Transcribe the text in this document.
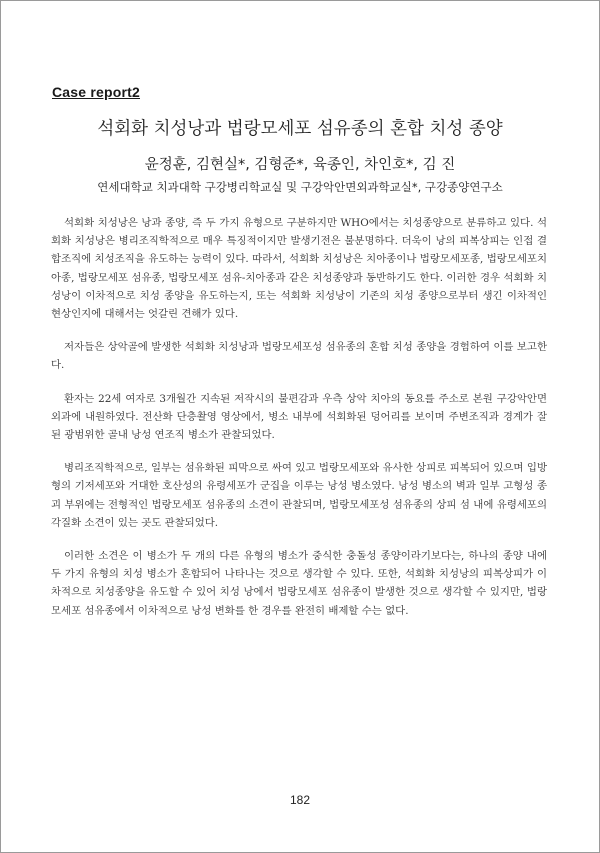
Case report2
석회화 치성낭과 법랑모세포 섬유종의 혼합 치성 종양
윤정훈, 김현실*, 김형준*, 육종인, 차인호*, 김 진
연세대학교 치과대학 구강병리학교실 및 구강악안면외과학교실*, 구강종양연구소

석회화 치성낭은 낭과 종양, 즉 두 가지 유형으로 구분하지만 WHO에서는 치성종양으로 분류하고 있다. 석회화 치성낭은 병리조직학적으로 매우 특징적이지만 발생기전은 불분명하다. 더욱이 낭의 피복상피는 인접 결합조직에 치성조직을 유도하는 능력이 있다. 따라서, 석회화 치성낭은 치아종이나 법랑모세포종, 법랑모세포치아종, 법랑모세포 섬유종, 법랑모세포 섬유-치아종과 같은 치성종양과 동반하기도 한다. 이러한 경우 석회화 치성낭이 이차적으로 치성 종양을 유도하는지, 또는 석회화 치성낭이 기존의 치성 종양으로부터 생긴 이차적인 현상인지에 대해서는 엇갈린 견해가 있다.

저자들은 상악골에 발생한 석회화 치성낭과 법랑모세포성 섬유종의 혼합 치성 종양을 경험하여 이를 보고한다.

환자는 22세 여자로 3개월간 지속된 저작시의 불편감과 우측 상악 치아의 동요를 주소로 본원 구강악안면외과에 내원하였다. 전산화 단층촬영 영상에서, 병소 내부에 석회화된 덩어리를 보이며 주변조직과 경계가 잘 된 광범위한 골내 낭성 연조직 병소가 관찰되었다.

병리조직학적으로, 일부는 섬유화된 피막으로 싸여 있고 법랑모세포와 유사한 상피로 피복되어 있으며 입방형의 기저세포와 거대한 호산성의 유령세포가 군집을 이루는 낭성 병소였다. 낭성 병소의 벽과 일부 고형성 종괴 부위에는 전형적인 법랑모세포 섬유종의 소견이 관찰되며, 법랑모세포성 섬유종의 상피 섬 내에 유령세포의 각질화 소견이 있는 곳도 관찰되었다.

이러한 소견은 이 병소가 두 개의 다른 유형의 병소가 중식한 충돌성 종양이라기보다는, 하나의 종양 내에 두 가지 유형의 치성 병소가 혼합되어 나타나는 것으로 생각할 수 있다. 또한, 석회화 치성낭의 피복상피가 이차적으로 치성종양을 유도할 수 있어 치성 낭에서 법랑모세포 섬유종이 발생한 것으로 생각할 수 있지만, 법랑모세포 섬유종에서 이차적으로 낭성 변화를 한 경우를 완전히 배제할 수는 없다.

182
